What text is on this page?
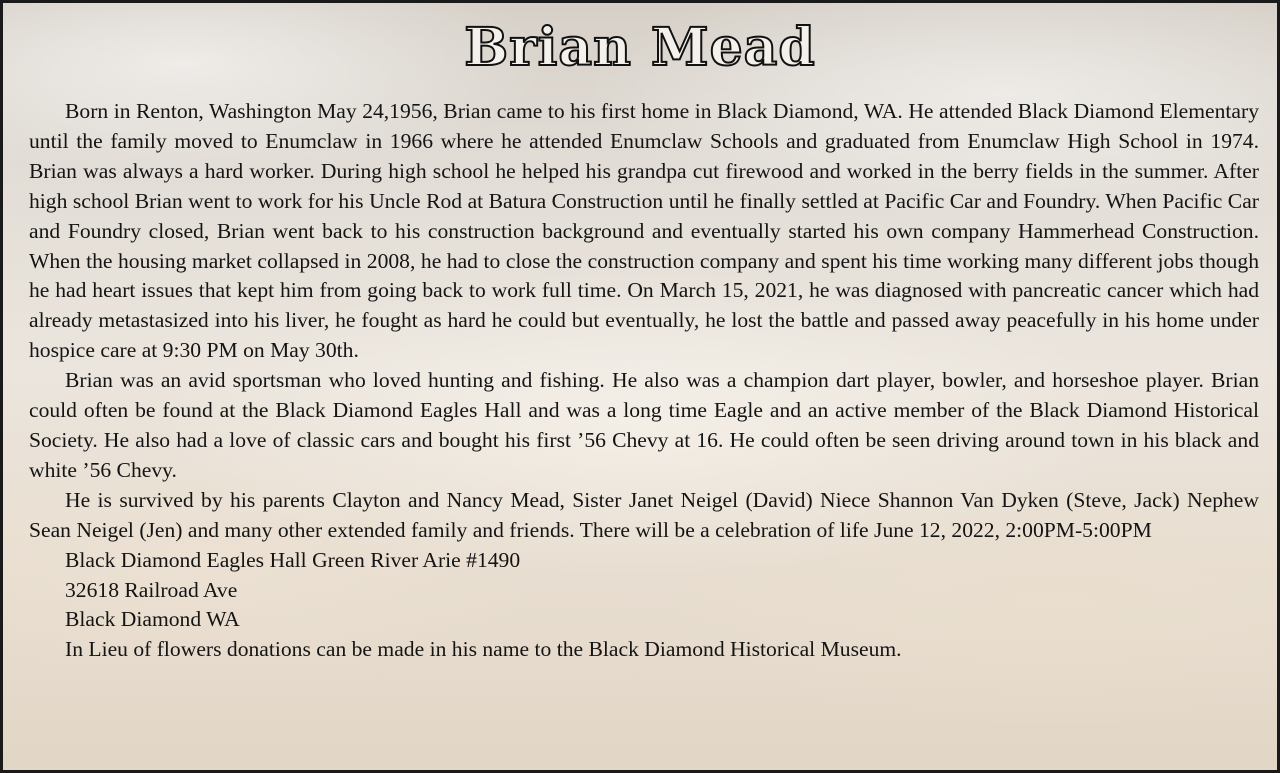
Brian Mead

Born in Renton, Washington May 24,1956, Brian came to his first home in Black Diamond, WA. He attended Black Diamond Elementary until the family moved to Enumclaw in 1966 where he attended Enumclaw Schools and graduated from Enumclaw High School in 1974. Brian was always a hard worker. During high school he helped his grandpa cut firewood and worked in the berry fields in the summer. After high school Brian went to work for his Uncle Rod at Batura Construction until he finally settled at Pacific Car and Foundry. When Pacific Car and Foundry closed, Brian went back to his construction background and eventually started his own company Hammerhead Construction. When the housing market collapsed in 2008, he had to close the construction company and spent his time working many different jobs though he had heart issues that kept him from going back to work full time. On March 15, 2021, he was diagnosed with pancreatic cancer which had already metastasized into his liver, he fought as hard he could but eventually, he lost the battle and passed away peacefully in his home under hospice care at 9:30 PM on May 30th.

Brian was an avid sportsman who loved hunting and fishing. He also was a champion dart player, bowler, and horseshoe player. Brian could often be found at the Black Diamond Eagles Hall and was a long time Eagle and an active member of the Black Diamond Historical Society. He also had a love of classic cars and bought his first ’56 Chevy at 16. He could often be seen driving around town in his black and white ’56 Chevy.

He is survived by his parents Clayton and Nancy Mead, Sister Janet Neigel (David) Niece Shannon Van Dyken (Steve, Jack) Nephew Sean Neigel (Jen) and many other extended family and friends. There will be a celebration of life June 12, 2022, 2:00PM-5:00PM

Black Diamond Eagles Hall Green River Arie #1490

32618 Railroad Ave

Black Diamond WA

In Lieu of flowers donations can be made in his name to the Black Diamond Historical Museum.
